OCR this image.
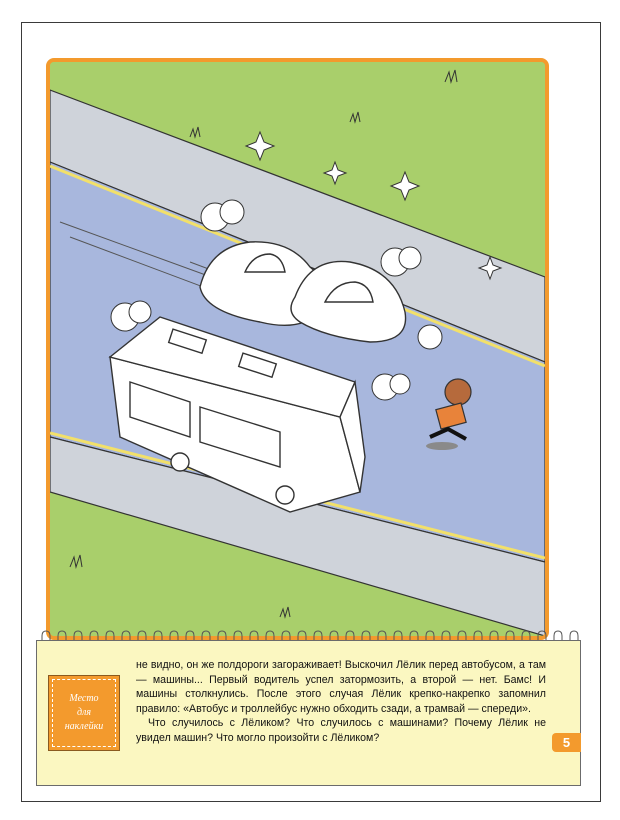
Место
для
наклейки

не видно, он же полдороги загораживает! Выскочил Лёлик перед автобусом, а там — машины... Первый водитель успел затормозить, а второй — нет. Бамс! И машины столкнулись. После этого случая Лёлик крепко-накрепко запомнил правило: «Автобус и троллейбус нужно обходить сзади, а трамвай — спереди».

Что случилось с Лёликом? Что случилось с машинами? Почему Лёлик не увидел машин? Что могло произойти с Лёликом?	5
